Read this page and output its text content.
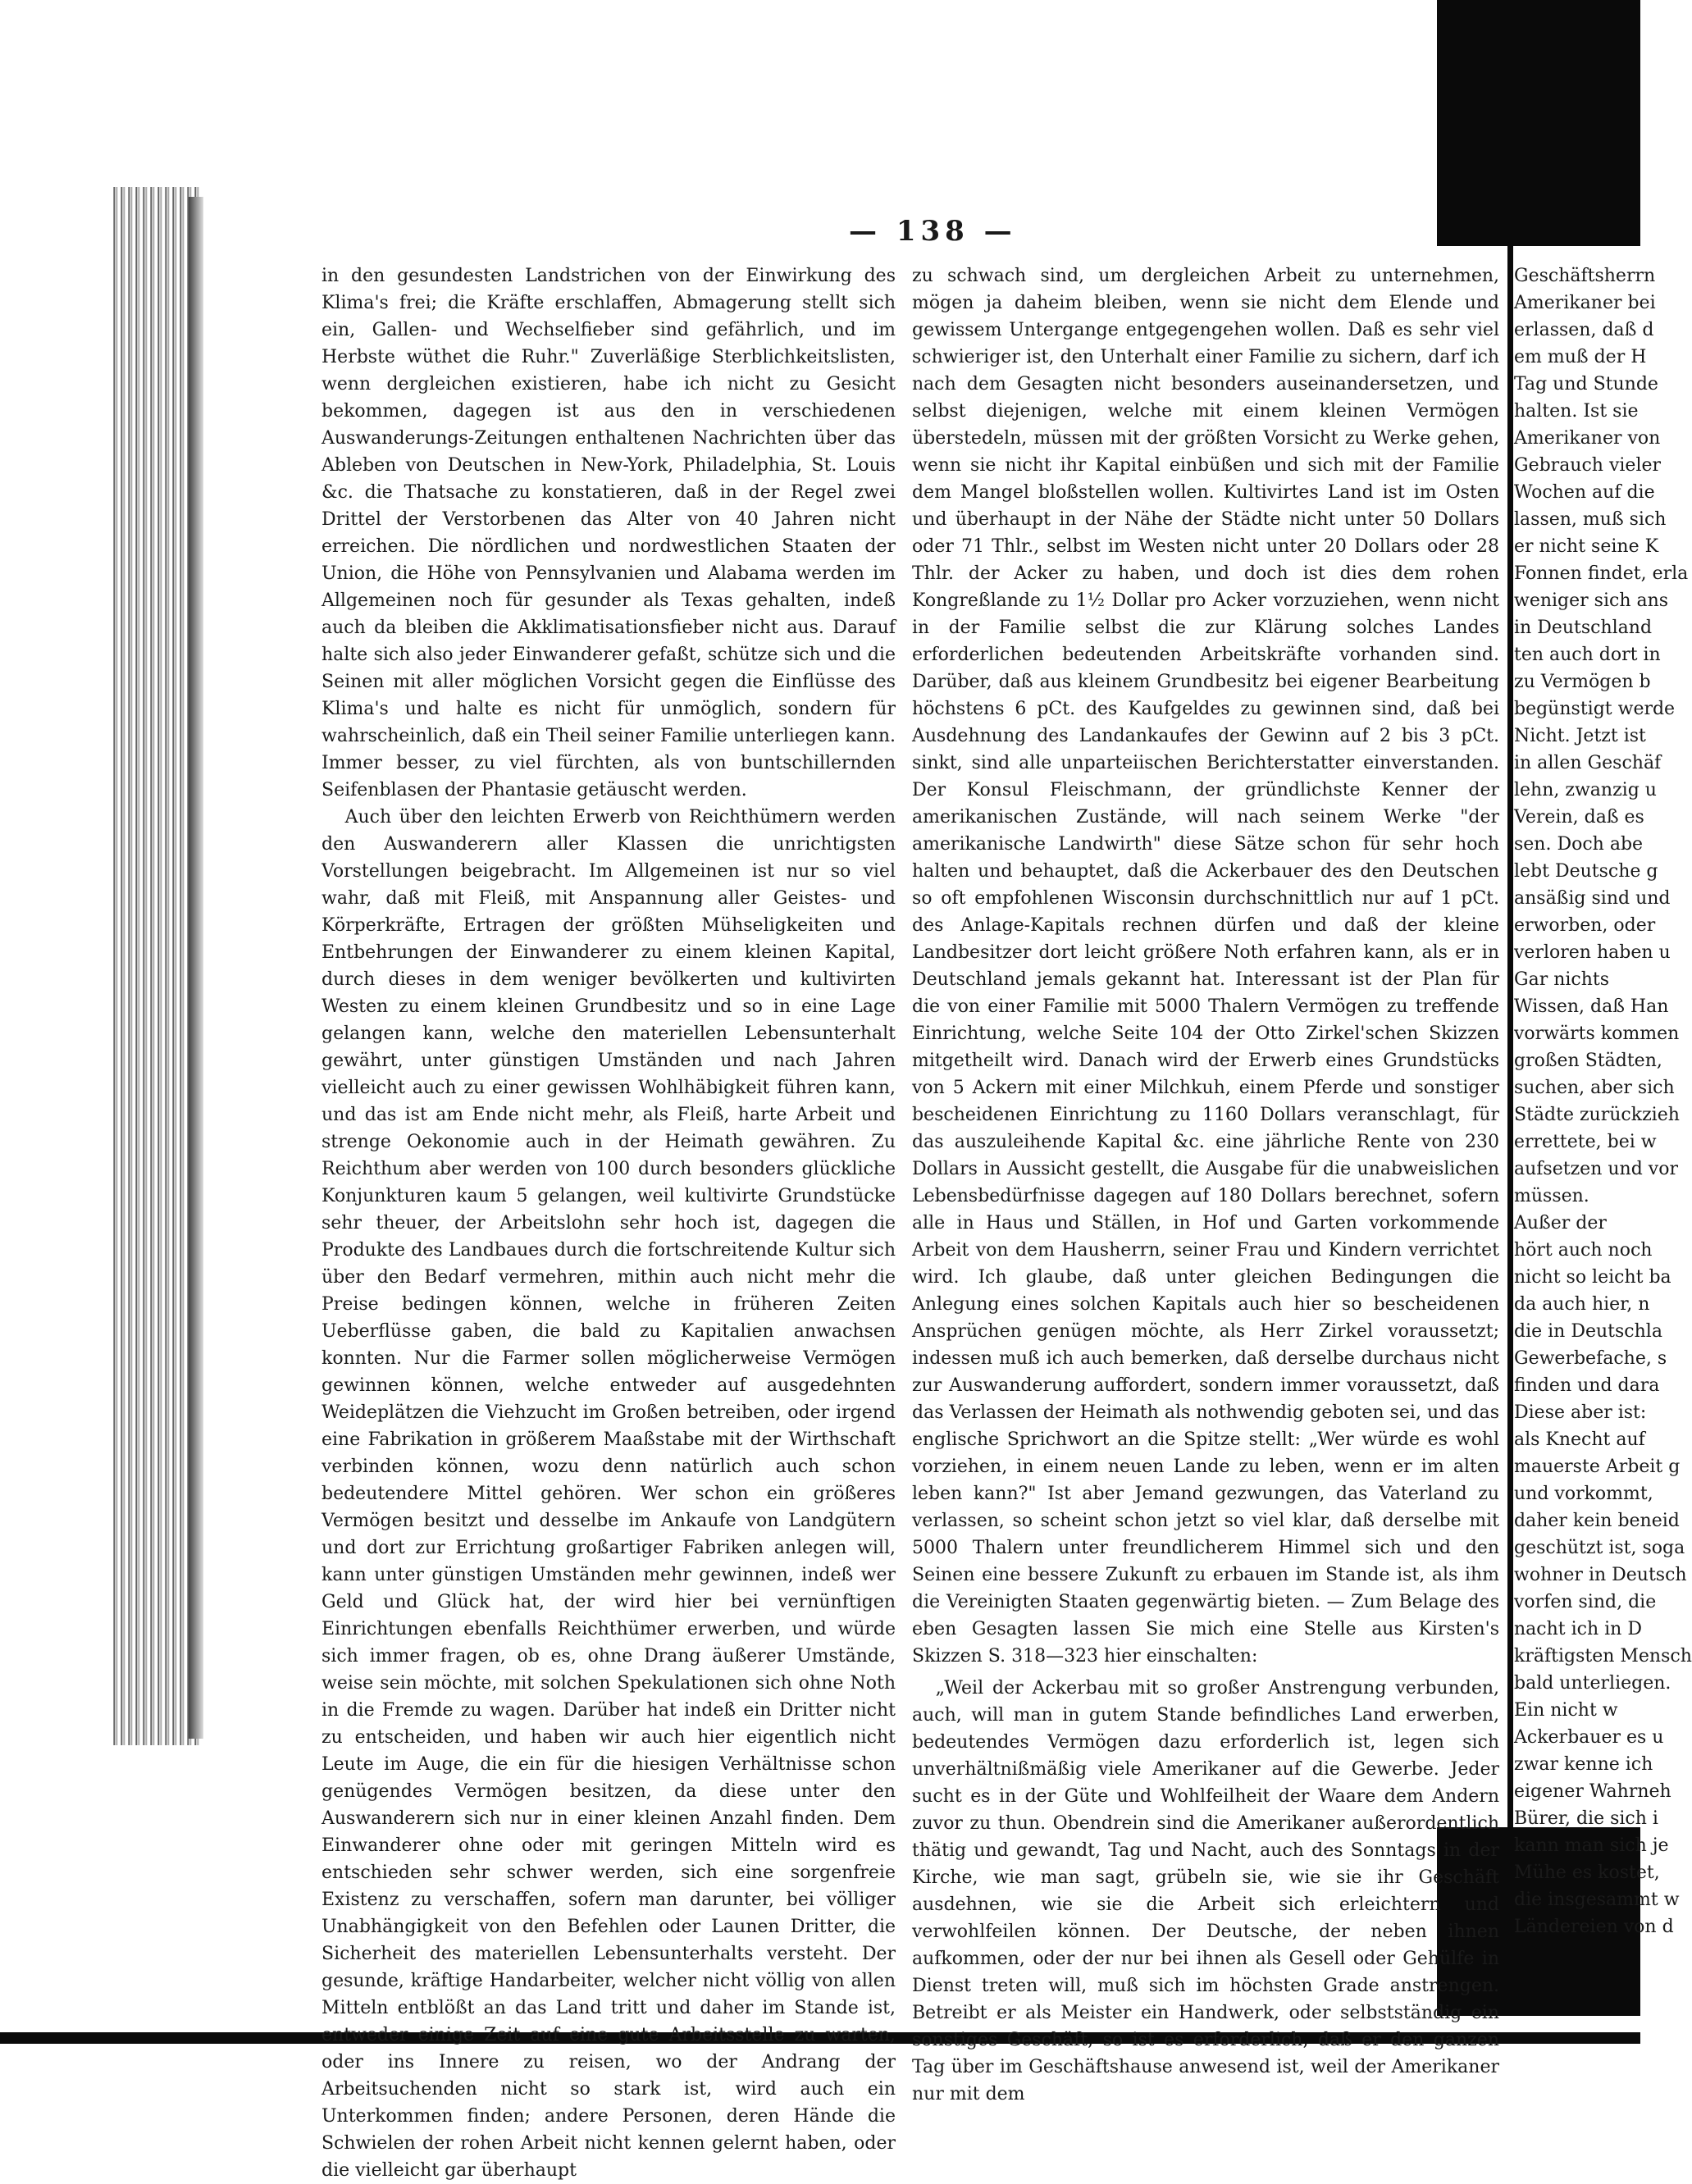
— 138 —

in den gesundesten Landstrichen von der Einwirkung des Klima's frei; die Kräfte erschlaffen, Abmagerung stellt sich ein, Gallen- und Wechselfieber sind gefährlich, und im Herbste wüthet die Ruhr." Zuverläßige Sterblichkeitslisten, wenn dergleichen existieren, habe ich nicht zu Gesicht bekommen, dagegen ist aus den in verschiedenen Auswanderungs-Zeitungen enthaltenen Nachrichten über das Ableben von Deutschen in New-York, Philadelphia, St. Louis &c. die Thatsache zu konstatieren, daß in der Regel zwei Drittel der Verstorbenen das Alter von 40 Jahren nicht erreichen. Die nördlichen und nordwestlichen Staaten der Union, die Höhe von Pennsylvanien und Alabama werden im Allgemeinen noch für gesunder als Texas gehalten, indeß auch da bleiben die Akklimatisationsfieber nicht aus. Darauf halte sich also jeder Einwanderer gefaßt, schütze sich und die Seinen mit aller möglichen Vorsicht gegen die Einflüsse des Klima's und halte es nicht für unmöglich, sondern für wahrscheinlich, daß ein Theil seiner Familie unterliegen kann. Immer besser, zu viel fürchten, als von buntschillernden Seifenblasen der Phantasie getäuscht werden.

Auch über den leichten Erwerb von Reichthümern werden den Auswanderern aller Klassen die unrichtigsten Vorstellungen beigebracht. Im Allgemeinen ist nur so viel wahr, daß mit Fleiß, mit Anspannung aller Geistes- und Körperkräfte, Ertragen der größten Mühseligkeiten und Entbehrungen der Einwanderer zu einem kleinen Kapital, durch dieses in dem weniger bevölkerten und kultivirten Westen zu einem kleinen Grundbesitz und so in eine Lage gelangen kann, welche den materiellen Lebensunterhalt gewährt, unter günstigen Umständen und nach Jahren vielleicht auch zu einer gewissen Wohlhäbigkeit führen kann, und das ist am Ende nicht mehr, als Fleiß, harte Arbeit und strenge Oekonomie auch in der Heimath gewähren. Zu Reichthum aber werden von 100 durch besonders glückliche Konjunkturen kaum 5 gelangen, weil kultivirte Grundstücke sehr theuer, der Arbeitslohn sehr hoch ist, dagegen die Produkte des Landbaues durch die fortschreitende Kultur sich über den Bedarf vermehren, mithin auch nicht mehr die Preise bedingen können, welche in früheren Zeiten Ueberflüsse gaben, die bald zu Kapitalien anwachsen konnten. Nur die Farmer sollen möglicherweise Vermögen gewinnen können, welche entweder auf ausgedehnten Weideplätzen die Viehzucht im Großen betreiben, oder irgend eine Fabrikation in größerem Maaßstabe mit der Wirthschaft verbinden können, wozu denn natürlich auch schon bedeutendere Mittel gehören. Wer schon ein größeres Vermögen besitzt und desselbe im Ankaufe von Landgütern und dort zur Errichtung großartiger Fabriken anlegen will, kann unter günstigen Umständen mehr gewinnen, indeß wer Geld und Glück hat, der wird hier bei vernünftigen Einrichtungen ebenfalls Reichthümer erwerben, und würde sich immer fragen, ob es, ohne Drang äußerer Umstände, weise sein möchte, mit solchen Spekulationen sich ohne Noth in die Fremde zu wagen. Darüber hat indeß ein Dritter nicht zu entscheiden, und haben wir auch hier eigentlich nicht Leute im Auge, die ein für die hiesigen Verhältnisse schon genügendes Vermögen besitzen, da diese unter den Auswanderern sich nur in einer kleinen Anzahl finden. Dem Einwanderer ohne oder mit geringen Mitteln wird es entschieden sehr schwer werden, sich eine sorgenfreie Existenz zu verschaffen, sofern man darunter, bei völliger Unabhängigkeit von den Befehlen oder Launen Dritter, die Sicherheit des materiellen Lebensunterhalts versteht. Der gesunde, kräftige Handarbeiter, welcher nicht völlig von allen Mitteln entblößt an das Land tritt und daher im Stande ist, entweder einige Zeit auf eine gute Arbeitsstelle zu warten, oder ins Innere zu reisen, wo der Andrang der Arbeitsuchenden nicht so stark ist, wird auch ein Unterkommen finden; andere Personen, deren Hände die Schwielen der rohen Arbeit nicht kennen gelernt haben, oder die vielleicht gar überhaupt

zu schwach sind, um dergleichen Arbeit zu unternehmen, mögen ja daheim bleiben, wenn sie nicht dem Elende und gewissem Untergange entgegengehen wollen. Daß es sehr viel schwieriger ist, den Unterhalt einer Familie zu sichern, darf ich nach dem Gesagten nicht besonders auseinandersetzen, und selbst diejenigen, welche mit einem kleinen Vermögen überstedeln, müssen mit der größten Vorsicht zu Werke gehen, wenn sie nicht ihr Kapital einbüßen und sich mit der Familie dem Mangel bloßstellen wollen. Kultivirtes Land ist im Osten und überhaupt in der Nähe der Städte nicht unter 50 Dollars oder 71 Thlr., selbst im Westen nicht unter 20 Dollars oder 28 Thlr. der Acker zu haben, und doch ist dies dem rohen Kongreßlande zu 1½ Dollar pro Acker vorzuziehen, wenn nicht in der Familie selbst die zur Klärung solches Landes erforderlichen bedeutenden Arbeitskräfte vorhanden sind. Darüber, daß aus kleinem Grundbesitz bei eigener Bearbeitung höchstens 6 pCt. des Kaufgeldes zu gewinnen sind, daß bei Ausdehnung des Landankaufes der Gewinn auf 2 bis 3 pCt. sinkt, sind alle unparteiischen Berichterstatter einverstanden. Der Konsul Fleischmann, der gründlichste Kenner der amerikanischen Zustände, will nach seinem Werke "der amerikanische Landwirth" diese Sätze schon für sehr hoch halten und behauptet, daß die Ackerbauer des den Deutschen so oft empfohlenen Wisconsin durchschnittlich nur auf 1 pCt. des Anlage-Kapitals rechnen dürfen und daß der kleine Landbesitzer dort leicht größere Noth erfahren kann, als er in Deutschland jemals gekannt hat. Interessant ist der Plan für die von einer Familie mit 5000 Thalern Vermögen zu treffende Einrichtung, welche Seite 104 der Otto Zirkel'schen Skizzen mitgetheilt wird. Danach wird der Erwerb eines Grundstücks von 5 Ackern mit einer Milchkuh, einem Pferde und sonstiger bescheidenen Einrichtung zu 1160 Dollars veranschlagt, für das auszuleihende Kapital &c. eine jährliche Rente von 230 Dollars in Aussicht gestellt, die Ausgabe für die unabweislichen Lebensbedürfnisse dagegen auf 180 Dollars berechnet, sofern alle in Haus und Ställen, in Hof und Garten vorkommende Arbeit von dem Hausherrn, seiner Frau und Kindern verrichtet wird. Ich glaube, daß unter gleichen Bedingungen die Anlegung eines solchen Kapitals auch hier so bescheidenen Ansprüchen genügen möchte, als Herr Zirkel voraussetzt; indessen muß ich auch bemerken, daß derselbe durchaus nicht zur Auswanderung auffordert, sondern immer voraussetzt, daß das Verlassen der Heimath als nothwendig geboten sei, und das englische Sprichwort an die Spitze stellt: „Wer würde es wohl vorziehen, in einem neuen Lande zu leben, wenn er im alten leben kann?" Ist aber Jemand gezwungen, das Vaterland zu verlassen, so scheint schon jetzt so viel klar, daß derselbe mit 5000 Thalern unter freundlicherem Himmel sich und den Seinen eine bessere Zukunft zu erbauen im Stande ist, als ihm die Vereinigten Staaten gegenwärtig bieten. — Zum Belage des eben Gesagten lassen Sie mich eine Stelle aus Kirsten's Skizzen S. 318—323 hier einschalten:

„Weil der Ackerbau mit so großer Anstrengung verbunden, auch, will man in gutem Stande befindliches Land erwerben, bedeutendes Vermögen dazu erforderlich ist, legen sich unverhältnißmäßig viele Amerikaner auf die Gewerbe. Jeder sucht es in der Güte und Wohlfeilheit der Waare dem Andern zuvor zu thun. Obendrein sind die Amerikaner außerordentlich thätig und gewandt, Tag und Nacht, auch des Sonntags in der Kirche, wie man sagt, grübeln sie, wie sie ihr Geschäft ausdehnen, wie sie die Arbeit sich erleichtern und verwohlfeilen können. Der Deutsche, der neben ihnen aufkommen, oder der nur bei ihnen als Gesell oder Gehülfe in Dienst treten will, muß sich im höchsten Grade anstrengen. Betreibt er als Meister ein Handwerk, oder selbstständig ein sonstiges Geschäft, so ist es erforderlich, daß er den ganzen Tag über im Geschäftshause anwesend ist, weil der Amerikaner nur mit dem

Geschäftsherrn
Amerikaner bei
erlassen, daß d
em muß der H
Tag und Stunde
halten. Ist sie
Amerikaner von
Gebrauch vieler
Wochen auf die
lassen, muß sich
er nicht seine K
Fonnen findet, erla
weniger sich ans
in Deutschland
ten auch dort in
zu Vermögen b
begünstigt werde
Nicht. Jetzt ist
in allen Geschäf
lehn, zwanzig u
Verein, daß es
sen. Doch abe
lebt Deutsche g
ansäßig sind und
erworben, oder
verloren haben u
Gar nichts
Wissen, daß Han
vorwärts kommen
großen Städten,
suchen, aber sich
Städte zurückzieh
errettete, bei w
aufsetzen und vor
müssen.
Außer der
hört auch noch
nicht so leicht ba
da auch hier, n
die in Deutschla
Gewerbefache, s
finden und dara
Diese aber ist:
als Knecht auf
mauerste Arbeit g
und vorkommt,
daher kein beneid
geschützt ist, soga
wohner in Deutsch
vorfen sind, die
nacht ich in D
kräftigsten Mensch
bald unterliegen.
Ein nicht w
Ackerbauer es u
zwar kenne ich
eigener Wahrneh
Bürer, die sich i
kann man sich je
Mühe es kostet,
die insgesammt w
Ländereien von d
